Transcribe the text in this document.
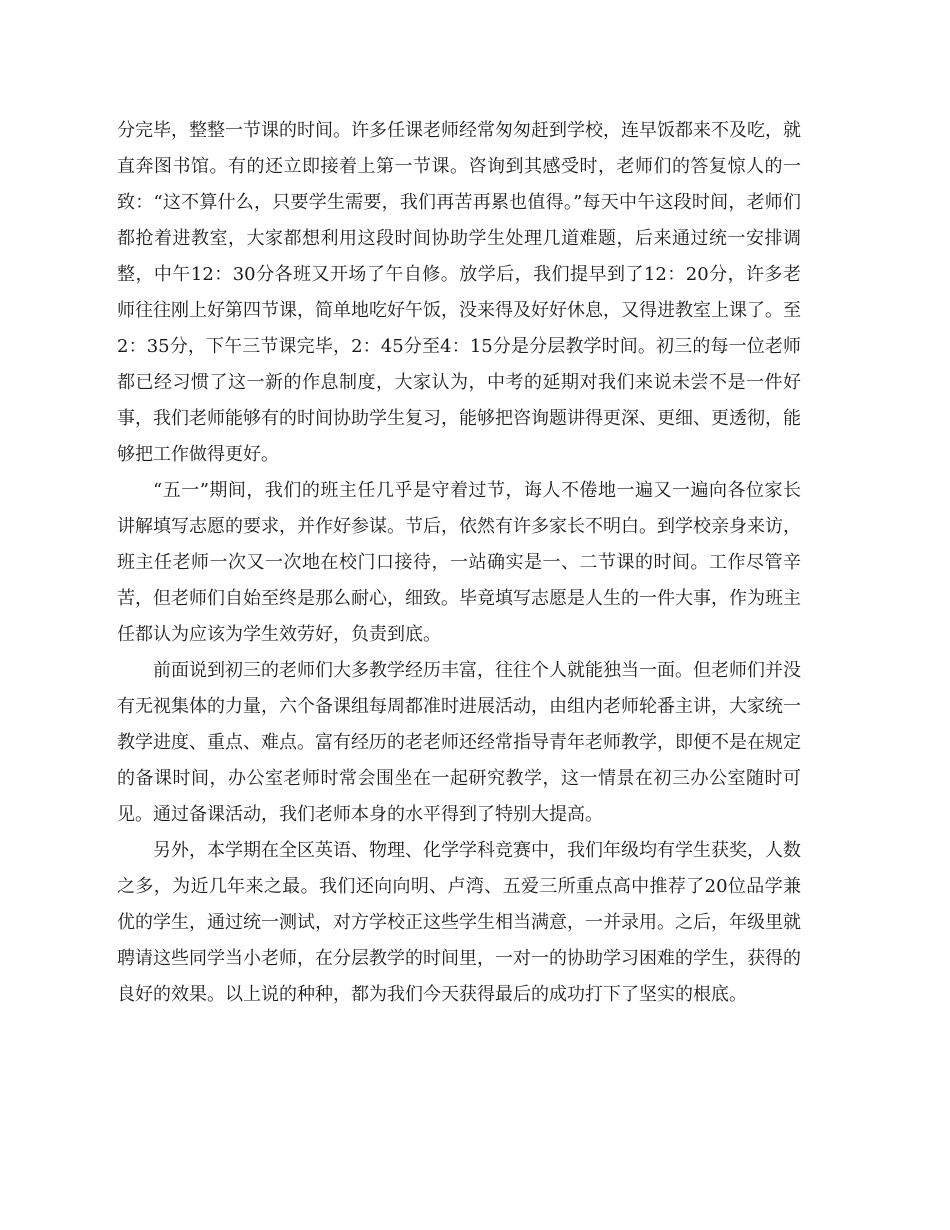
分完毕，整整一节课的时间。许多任课老师经常匆匆赶到学校，连早饭都来不及吃，就直奔图书馆。有的还立即接着上第一节课。咨询到其感受时，老师们的答复惊人的一致：“这不算什么，只要学生需要，我们再苦再累也值得。”每天中午这段时间，老师们都抢着进教室，大家都想利用这段时间协助学生处理几道难题，后来通过统一安排调整，中午12：30分各班又开场了午自修。放学后，我们提早到了12：20分，许多老师往往刚上好第四节课，简单地吃好午饭，没来得及好好休息，又得进教室上课了。至2：35分，下午三节课完毕，2：45分至4：15分是分层教学时间。初三的每一位老师都已经习惯了这一新的作息制度，大家认为，中考的延期对我们来说未尝不是一件好事，我们老师能够有的时间协助学生复习，能够把咨询题讲得更深、更细、更透彻，能够把工作做得更好。

“五一”期间，我们的班主任几乎是守着过节，诲人不倦地一遍又一遍向各位家长讲解填写志愿的要求，并作好参谋。节后，依然有许多家长不明白。到学校亲身来访，班主任老师一次又一次地在校门口接待，一站确实是一、二节课的时间。工作尽管辛苦，但老师们自始至终是那么耐心，细致。毕竟填写志愿是人生的一件大事，作为班主任都认为应该为学生效劳好，负责到底。

前面说到初三的老师们大多教学经历丰富，往往个人就能独当一面。但老师们并没有无视集体的力量，六个备课组每周都准时进展活动，由组内老师轮番主讲，大家统一教学进度、重点、难点。富有经历的老老师还经常指导青年老师教学，即便不是在规定的备课时间，办公室老师时常会围坐在一起研究教学，这一情景在初三办公室随时可见。通过备课活动，我们老师本身的水平得到了特别大提高。

另外，本学期在全区英语、物理、化学学科竞赛中，我们年级均有学生获奖，人数之多，为近几年来之最。我们还向向明、卢湾、五爱三所重点高中推荐了20位品学兼优的学生，通过统一测试，对方学校正这些学生相当满意，一并录用。之后，年级里就聘请这些同学当小老师，在分层教学的时间里，一对一的协助学习困难的学生，获得的良好的效果。以上说的种种，都为我们今天获得最后的成功打下了坚实的根底。
